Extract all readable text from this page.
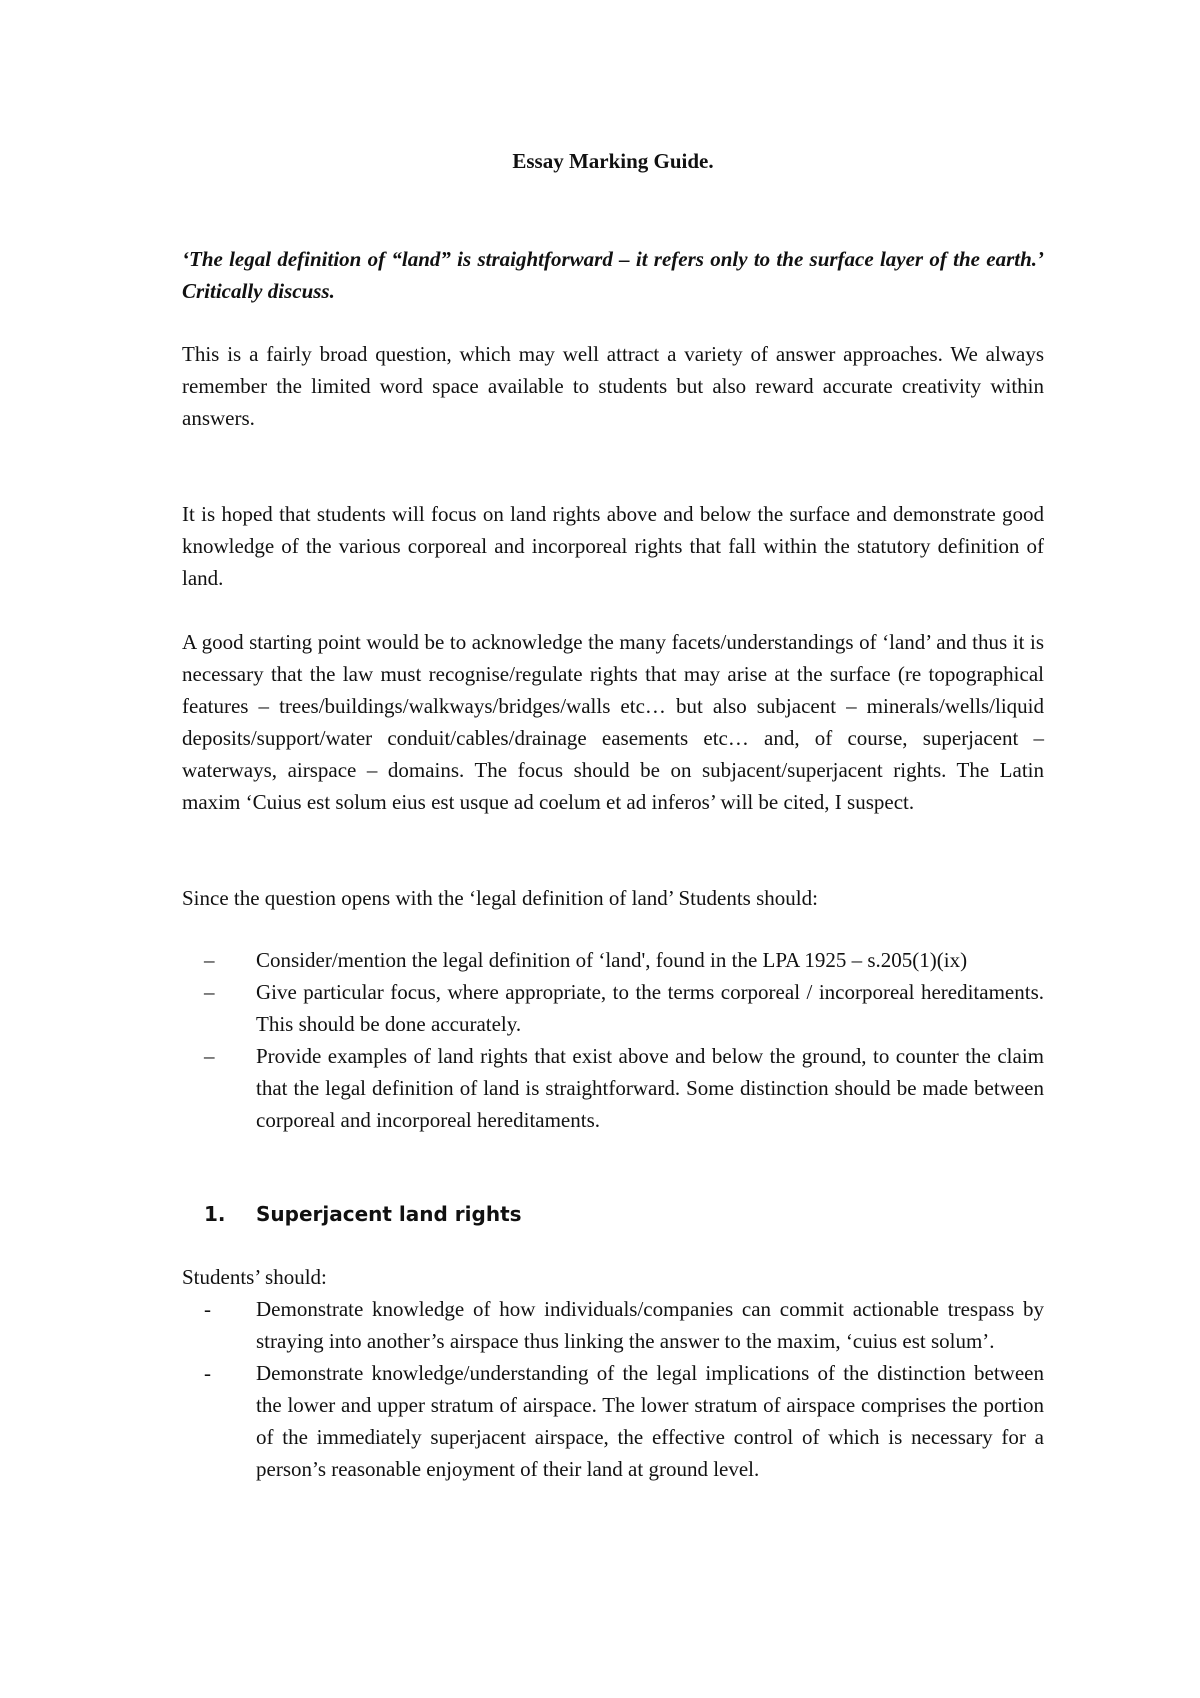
Essay Marking Guide.
‘The legal definition of “land” is straightforward – it refers only to the surface layer of the earth.’ Critically discuss.
This is a fairly broad question, which may well attract a variety of answer approaches. We always remember the limited word space available to students but also reward accurate creativity within answers.
It is hoped that students will focus on land rights above and below the surface and demonstrate good knowledge of the various corporeal and incorporeal rights that fall within the statutory definition of land.
A good starting point would be to acknowledge the many facets/understandings of ‘land’ and thus it is necessary that the law must recognise/regulate rights that may arise at the surface (re topographical features – trees/buildings/walkways/bridges/walls etc… but also subjacent – minerals/wells/liquid deposits/support/water conduit/cables/drainage easements etc… and, of course, superjacent – waterways, airspace – domains. The focus should be on subjacent/superjacent rights. The Latin maxim ‘Cuius est solum eius est usque ad coelum et ad inferos’ will be cited, I suspect.
Since the question opens with the ‘legal definition of land’ Students should:
–	Consider/mention the legal definition of ‘land', found in the LPA 1925 – s.205(1)(ix)
–	Give particular focus, where appropriate, to the terms corporeal / incorporeal hereditaments. This should be done accurately.
–	Provide examples of land rights that exist above and below the ground, to counter the claim that the legal definition of land is straightforward. Some distinction should be made between corporeal and incorporeal hereditaments.
1. Superjacent land rights
Students’ should:
-	Demonstrate knowledge of how individuals/companies can commit actionable trespass by straying into another’s airspace thus linking the answer to the maxim, ‘cuius est solum’.
-	Demonstrate knowledge/understanding of the legal implications of the distinction between the lower and upper stratum of airspace. The lower stratum of airspace comprises the portion of the immediately superjacent airspace, the effective control of which is necessary for a person’s reasonable enjoyment of their land at ground level.
